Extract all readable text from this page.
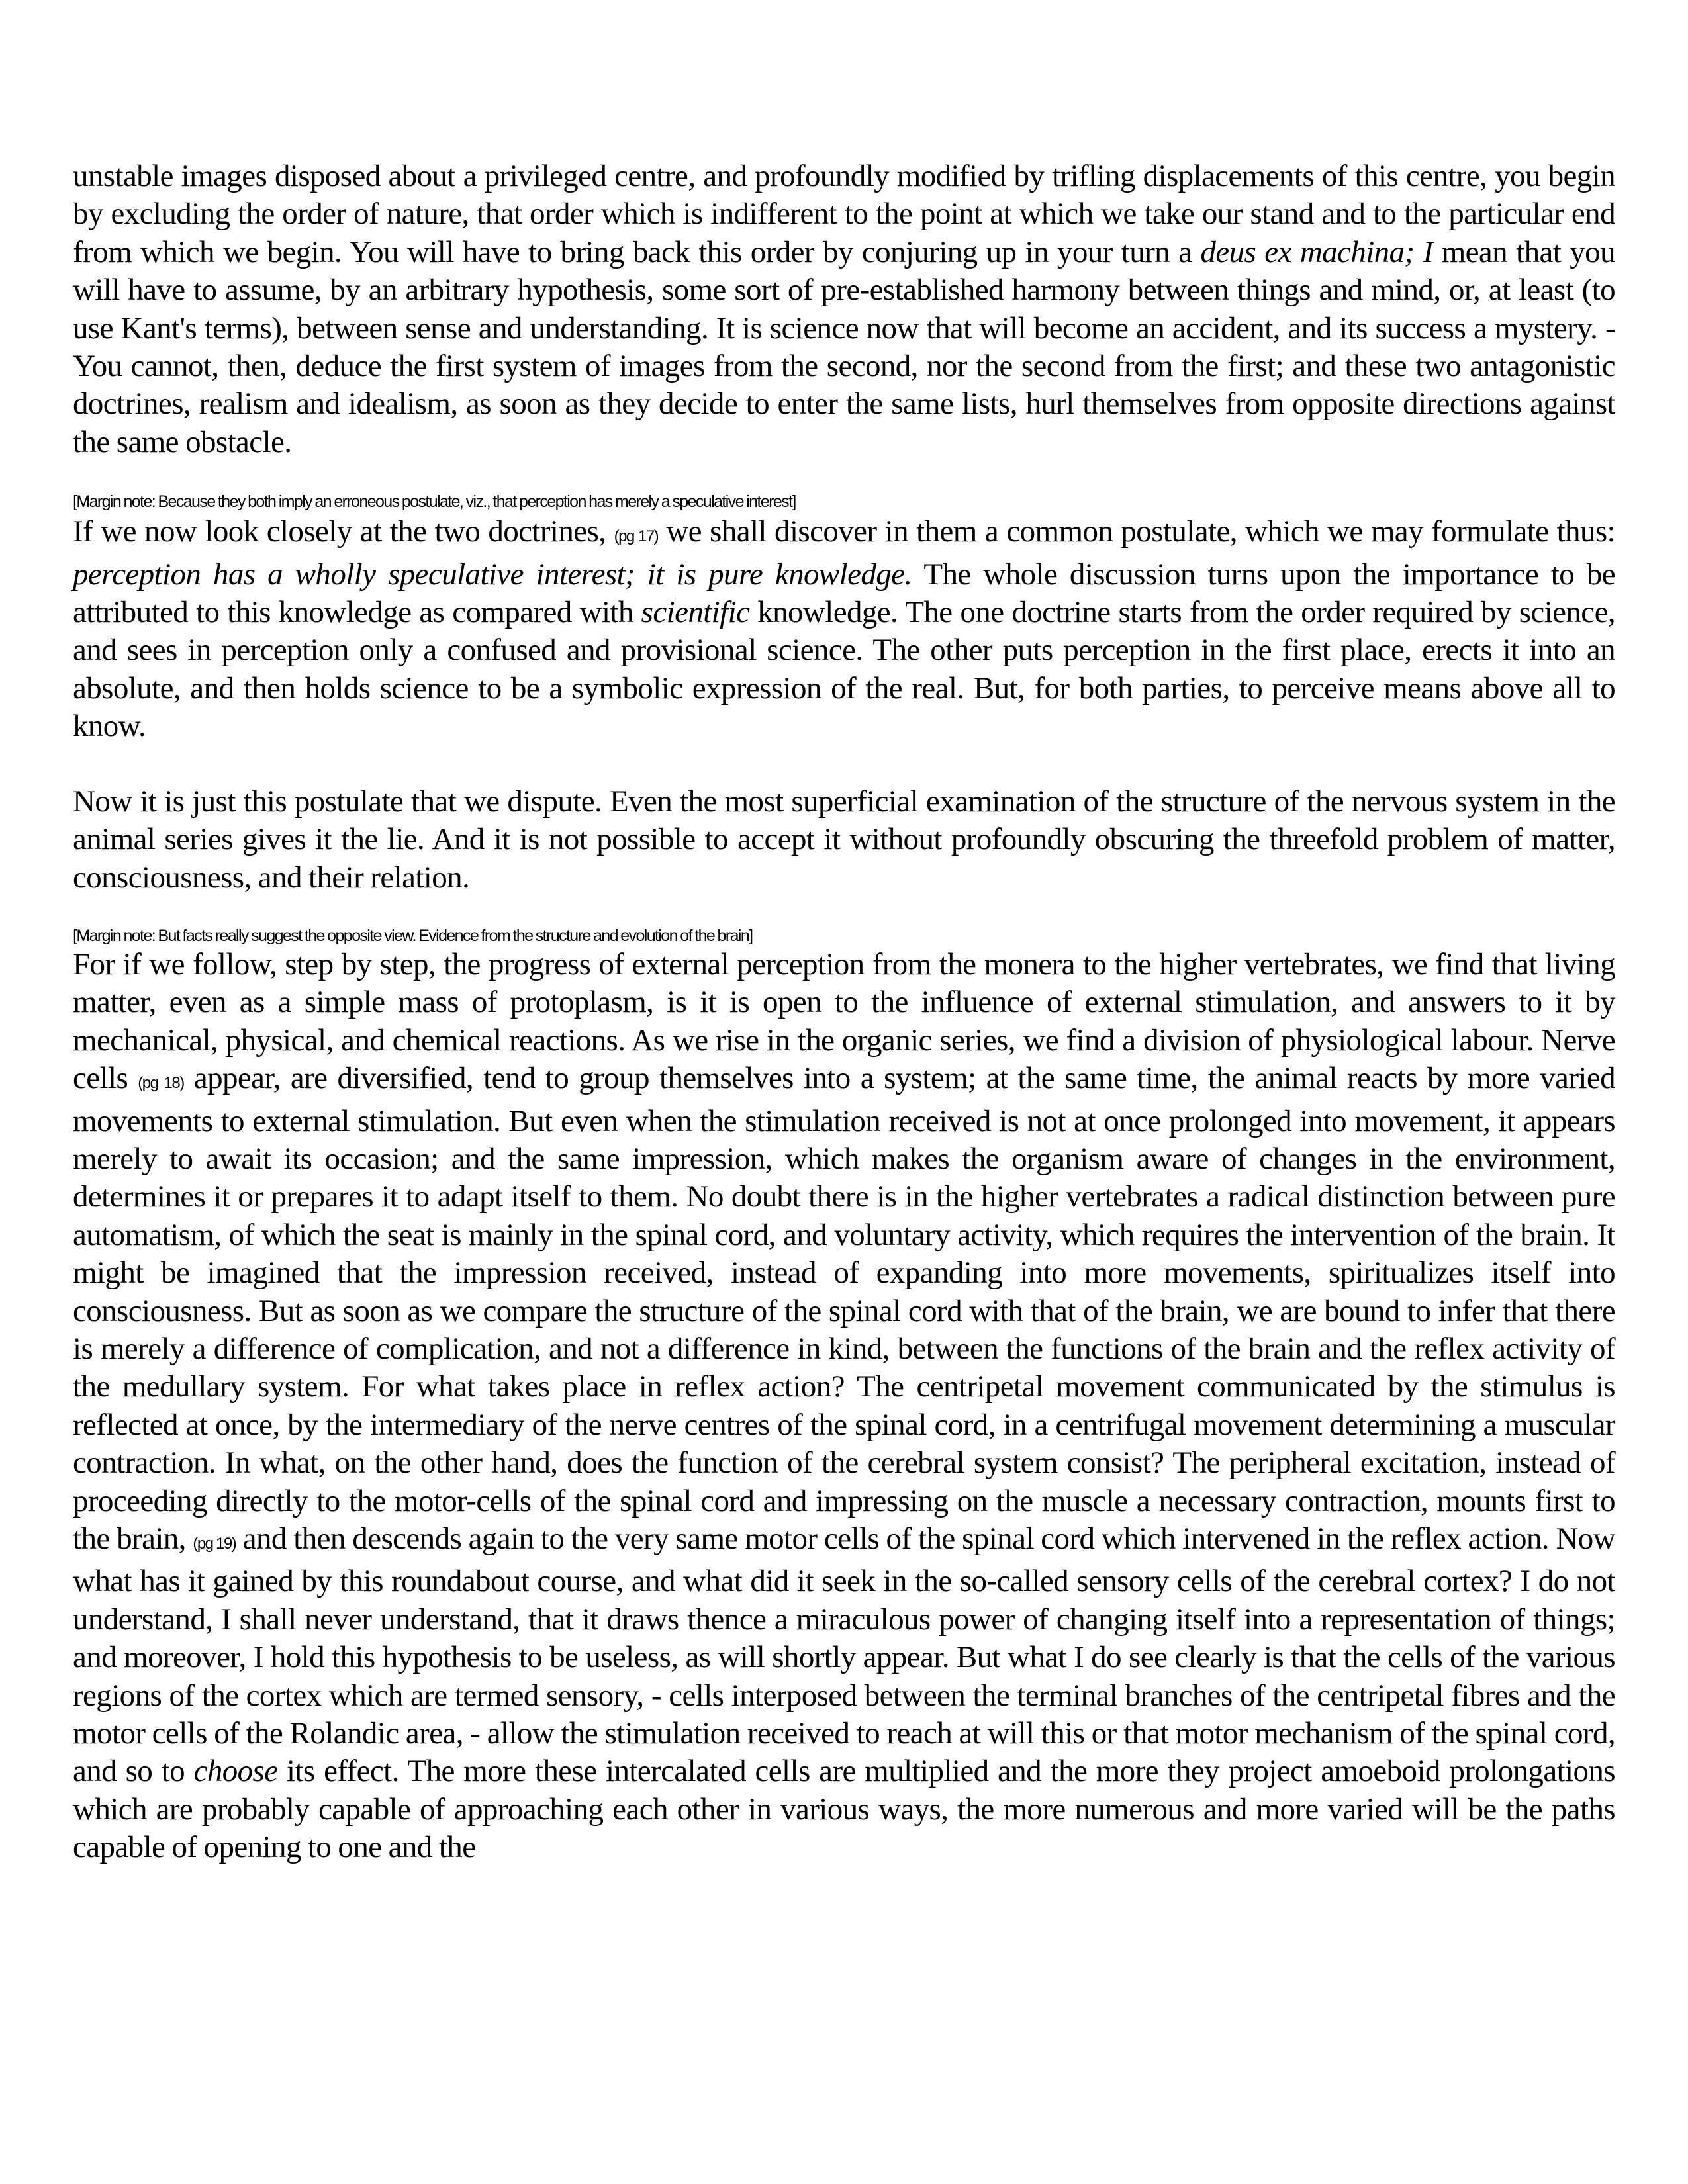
unstable images disposed about a privileged centre, and profoundly modified by trifling displacements of this centre, you begin by excluding the order of nature, that order which is indifferent to the point at which we take our stand and to the particular end from which we begin. You will have to bring back this order by conjuring up in your turn a deus ex machina; I mean that you will have to assume, by an arbitrary hypothesis, some sort of pre-established harmony between things and mind, or, at least (to use Kant's terms), between sense and understanding. It is science now that will become an accident, and its success a mystery. - You cannot, then, deduce the first system of images from the second, nor the second from the first; and these two antagonistic doctrines, realism and idealism, as soon as they decide to enter the same lists, hurl themselves from opposite directions against the same obstacle.

[Margin note: Because they both imply an erroneous postulate, viz., that perception has merely a speculative interest]

If we now look closely at the two doctrines, (pg 17) we shall discover in them a common postulate, which we may formulate thus: perception has a wholly speculative interest; it is pure knowledge. The whole discussion turns upon the importance to be attributed to this knowledge as compared with scientific knowledge. The one doctrine starts from the order required by science, and sees in perception only a confused and provisional science. The other puts perception in the first place, erects it into an absolute, and then holds science to be a symbolic expression of the real. But, for both parties, to perceive means above all to know.

Now it is just this postulate that we dispute. Even the most superficial examination of the structure of the nervous system in the animal series gives it the lie. And it is not possible to accept it without profoundly obscuring the threefold problem of matter, consciousness, and their relation.

[Margin note: But facts really suggest the opposite view. Evidence from the structure and evolution of the brain]

For if we follow, step by step, the progress of external perception from the monera to the higher vertebrates, we find that living matter, even as a simple mass of protoplasm, is it is open to the influence of external stimulation, and answers to it by mechanical, physical, and chemical reactions. As we rise in the organic series, we find a division of physiological labour. Nerve cells (pg 18) appear, are diversified, tend to group themselves into a system; at the same time, the animal reacts by more varied movements to external stimulation. But even when the stimulation received is not at once prolonged into movement, it appears merely to await its occasion; and the same impression, which makes the organism aware of changes in the environment, determines it or prepares it to adapt itself to them. No doubt there is in the higher vertebrates a radical distinction between pure automatism, of which the seat is mainly in the spinal cord, and voluntary activity, which requires the intervention of the brain. It might be imagined that the impression received, instead of expanding into more movements, spiritualizes itself into consciousness. But as soon as we compare the structure of the spinal cord with that of the brain, we are bound to infer that there is merely a difference of complication, and not a difference in kind, between the functions of the brain and the reflex activity of the medullary system. For what takes place in reflex action? The centripetal movement communicated by the stimulus is reflected at once, by the intermediary of the nerve centres of the spinal cord, in a centrifugal movement determining a muscular contraction. In what, on the other hand, does the function of the cerebral system consist? The peripheral excitation, instead of proceeding directly to the motor-cells of the spinal cord and impressing on the muscle a necessary contraction, mounts first to the brain, (pg 19) and then descends again to the very same motor cells of the spinal cord which intervened in the reflex action. Now what has it gained by this roundabout course, and what did it seek in the so-called sensory cells of the cerebral cortex? I do not understand, I shall never understand, that it draws thence a miraculous power of changing itself into a representation of things; and moreover, I hold this hypothesis to be useless, as will shortly appear. But what I do see clearly is that the cells of the various regions of the cortex which are termed sensory, - cells interposed between the terminal branches of the centripetal fibres and the motor cells of the Rolandic area, - allow the stimulation received to reach at will this or that motor mechanism of the spinal cord, and so to choose its effect. The more these intercalated cells are multiplied and the more they project amoeboid prolongations which are probably capable of approaching each other in various ways, the more numerous and more varied will be the paths capable of opening to one and the
